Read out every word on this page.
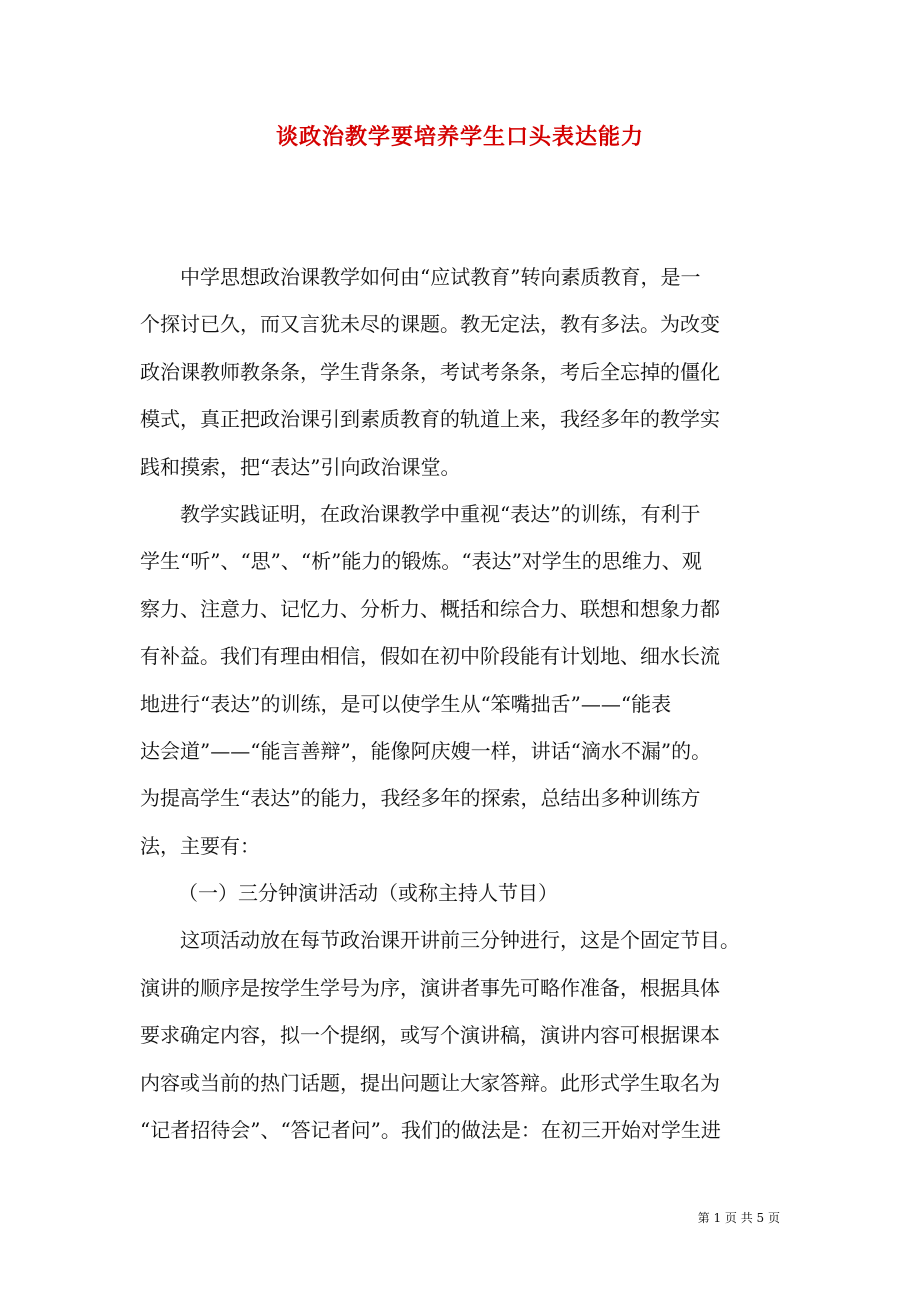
谈政治教学要培养学生口头表达能力
中学思想政治课教学如何由“应试教育”转向素质教育，是一
个探讨已久，而又言犹未尽的课题。教无定法，教有多法。为改变
政治课教师教条条，学生背条条，考试考条条，考后全忘掉的僵化
模式，真正把政治课引到素质教育的轨道上来，我经多年的教学实
践和摸索，把“表达”引向政治课堂。
教学实践证明，在政治课教学中重视“表达”的训练，有利于
学生“听”、“思”、“析”能力的锻炼。“表达”对学生的思维力、观
察力、注意力、记忆力、分析力、概括和综合力、联想和想象力都
有补益。我们有理由相信，假如在初中阶段能有计划地、细水长流
地进行“表达”的训练，是可以使学生从“笨嘴拙舌”——“能表
达会道”——“能言善辩”，能像阿庆嫂一样，讲话“滴水不漏”的。
为提高学生“表达”的能力，我经多年的探索，总结出多种训练方
法，主要有：
（一）三分钟演讲活动（或称主持人节目）
这项活动放在每节政治课开讲前三分钟进行，这是个固定节目。
演讲的顺序是按学生学号为序，演讲者事先可略作准备，根据具体
要求确定内容，拟一个提纲，或写个演讲稿，演讲内容可根据课本
内容或当前的热门话题，提出问题让大家答辩。此形式学生取名为
“记者招待会”、“答记者问”。我们的做法是：在初三开始对学生进
第 1 页 共 5 页
